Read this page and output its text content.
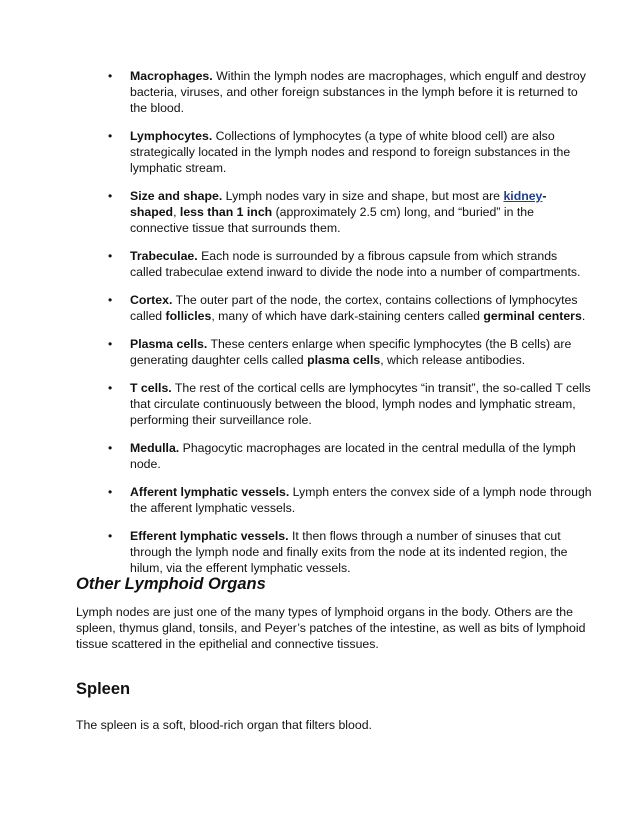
• Macrophages. Within the lymph nodes are macrophages, which engulf and destroy bacteria, viruses, and other foreign substances in the lymph before it is returned to the blood.
• Lymphocytes. Collections of lymphocytes (a type of white blood cell) are also strategically located in the lymph nodes and respond to foreign substances in the lymphatic stream.
• Size and shape. Lymph nodes vary in size and shape, but most are kidney-shaped, less than 1 inch (approximately 2.5 cm) long, and “buried” in the connective tissue that surrounds them.
• Trabeculae. Each node is surrounded by a fibrous capsule from which strands called trabeculae extend inward to divide the node into a number of compartments.
• Cortex. The outer part of the node, the cortex, contains collections of lymphocytes called follicles, many of which have dark-staining centers called germinal centers.
• Plasma cells. These centers enlarge when specific lymphocytes (the B cells) are generating daughter cells called plasma cells, which release antibodies.
• T cells. The rest of the cortical cells are lymphocytes “in transit”, the so-called T cells that circulate continuously between the blood, lymph nodes and lymphatic stream, performing their surveillance role.
• Medulla. Phagocytic macrophages are located in the central medulla of the lymph node.
• Afferent lymphatic vessels. Lymph enters the convex side of a lymph node through the afferent lymphatic vessels.
• Efferent lymphatic vessels. It then flows through a number of sinuses that cut through the lymph node and finally exits from the node at its indented region, the hilum, via the efferent lymphatic vessels.
Other Lymphoid Organs

Lymph nodes are just one of the many types of lymphoid organs in the body. Others are the spleen, thymus gland, tonsils, and Peyer’s patches of the intestine, as well as bits of lymphoid tissue scattered in the epithelial and connective tissues.

Spleen

The spleen is a soft, blood-rich organ that filters blood.
